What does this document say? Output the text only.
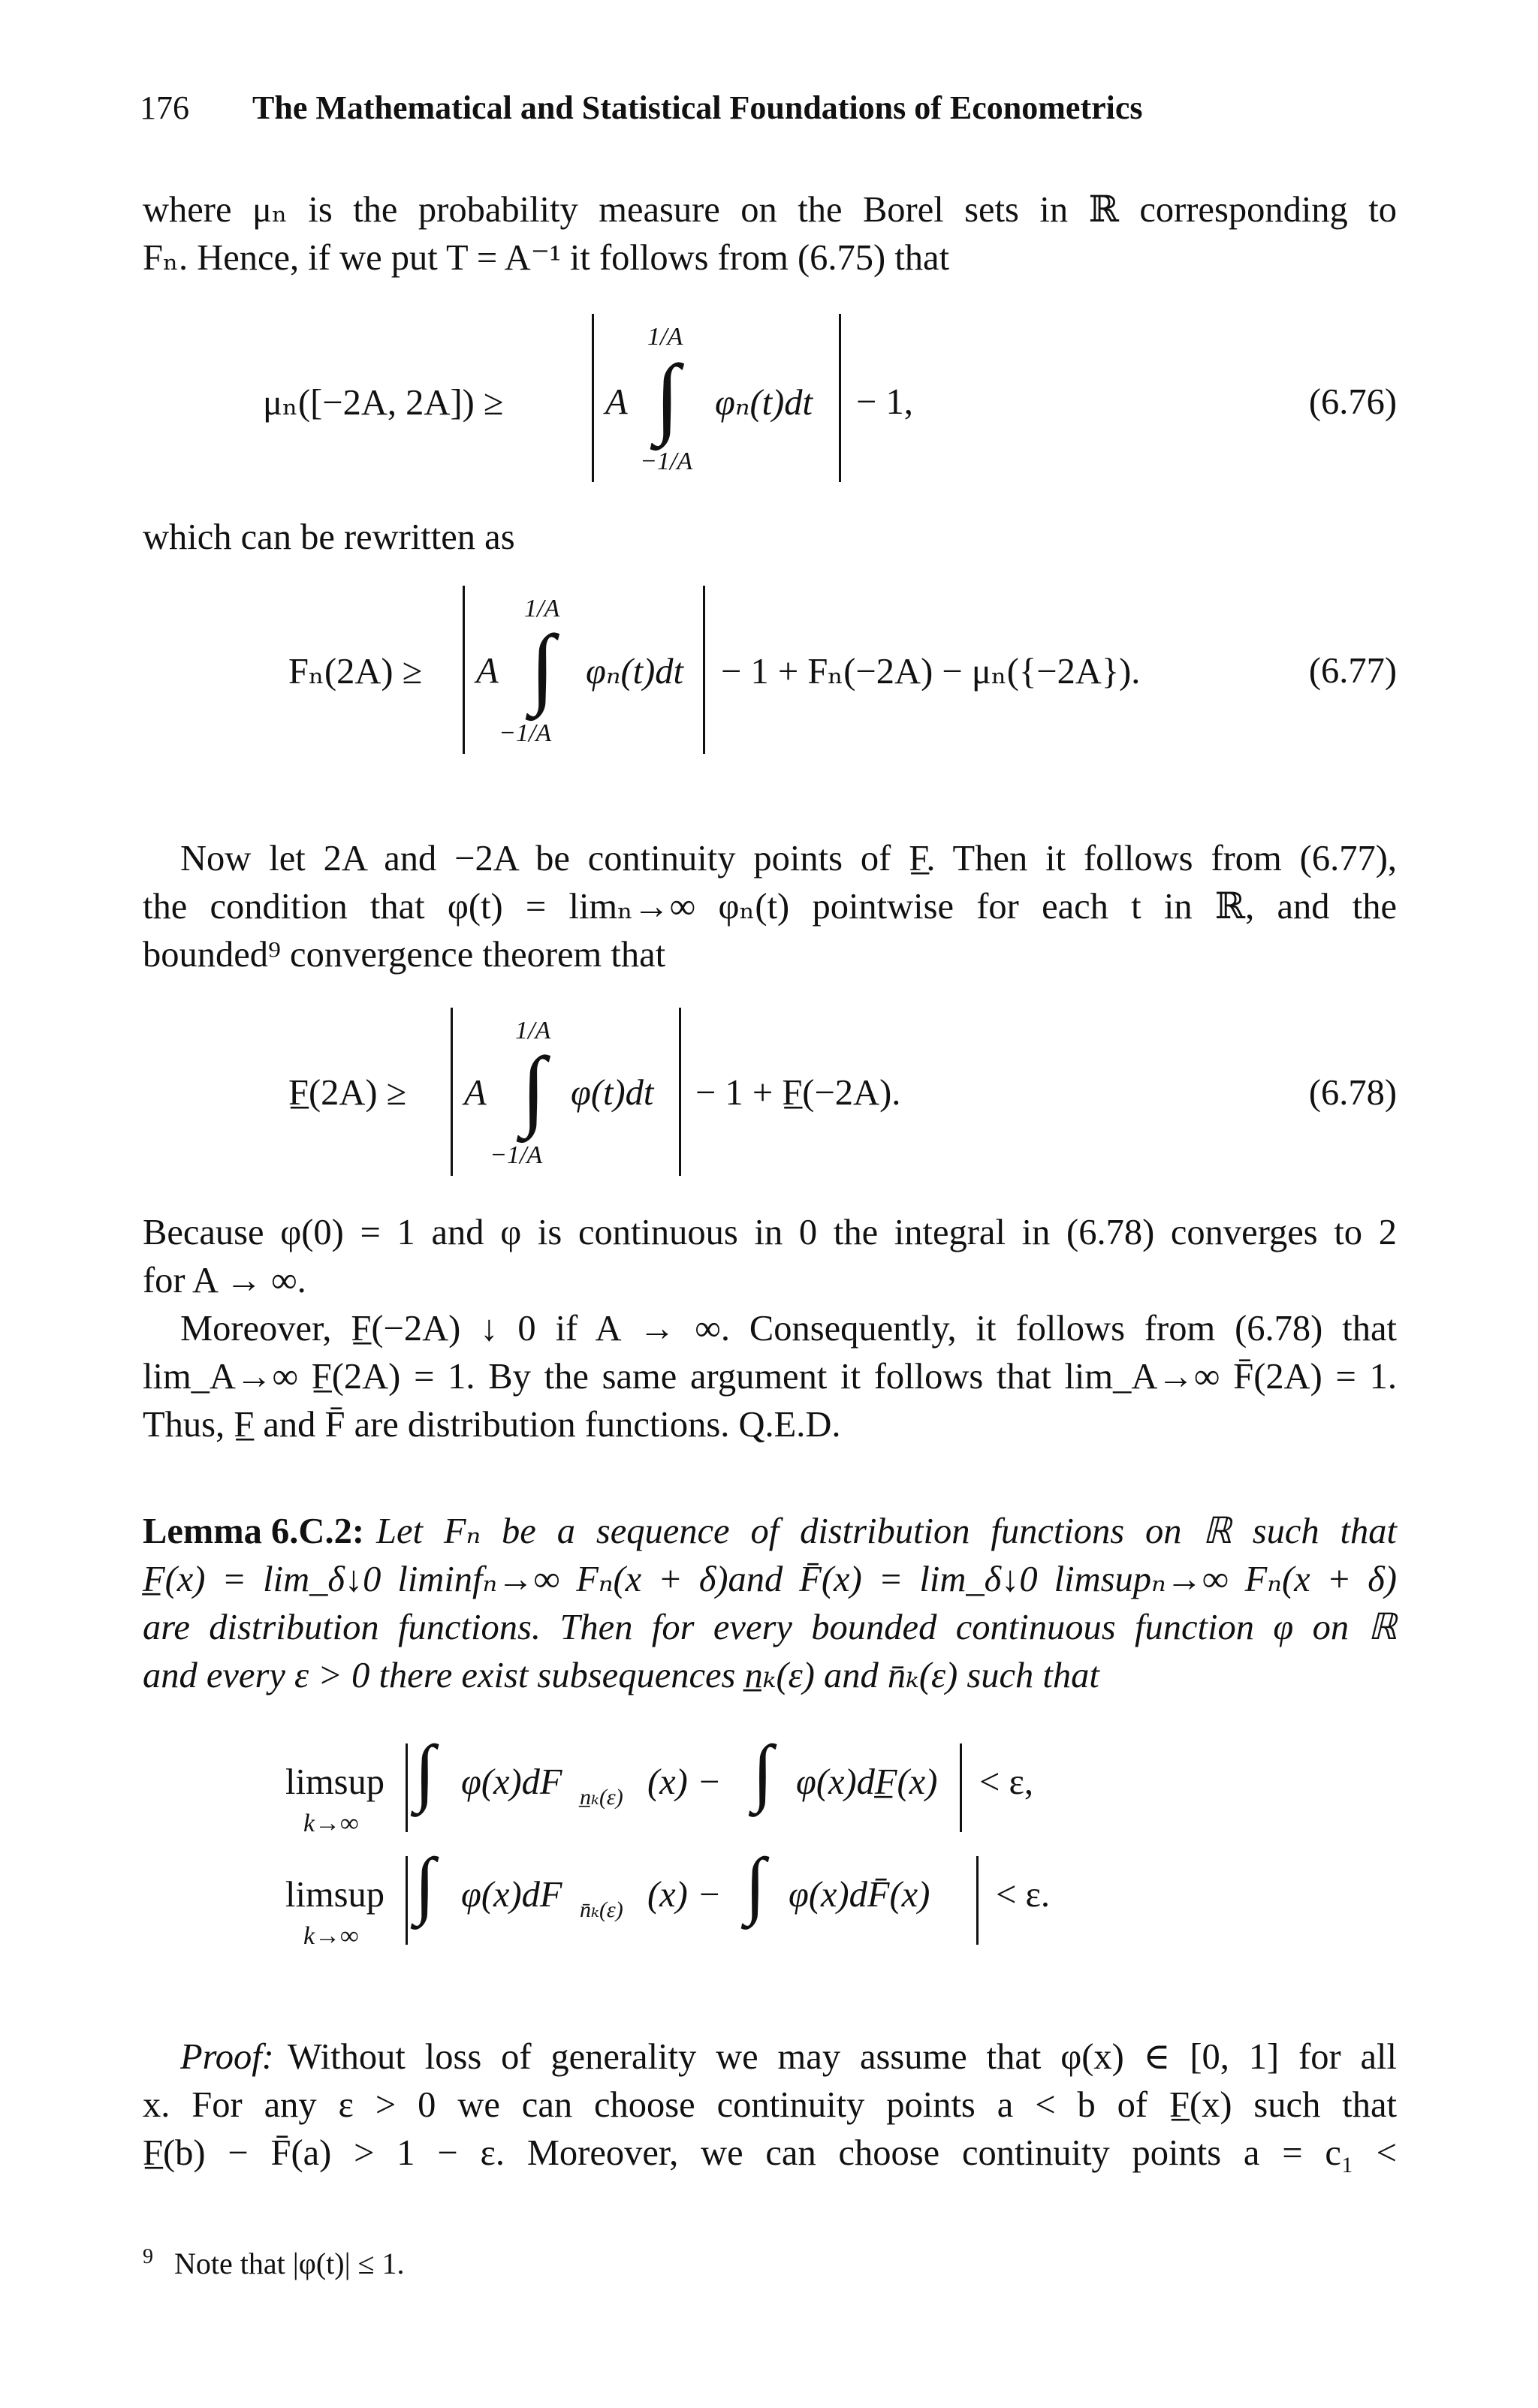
176 The Mathematical and Statistical Foundations of Econometrics
where μₙ is the probability measure on the Borel sets in ℝ corresponding to
Fₙ. Hence, if we put T = A⁻¹ it follows from (6.75) that
μₙ([−2A, 2A]) ≥	A
1/A
∫
−1/A
φₙ(t)dt − 1,	(6.76)
which can be rewritten as
Fₙ(2A) ≥ A
1/A
∫
−1/A
φₙ(t)dt − 1 + Fₙ(−2A) − μₙ({−2A}).	(6.77)
Now let 2A and −2A be continuity points of F̲. Then it follows from (6.77),
the condition that φ(t) = limₙ→∞ φₙ(t) pointwise for each t in ℝ, and the
bounded⁹ convergence theorem that
F̲(2A) ≥ A
1/A
∫
−1/A
φ(t)dt − 1 + F̲(−2A).	(6.78)
Because φ(0) = 1 and φ is continuous in 0 the integral in (6.78) converges to 2
for A → ∞.
Moreover, F̲(−2A) ↓ 0 if A → ∞. Consequently, it follows from (6.78) that
lim_A→∞ F̲(2A) = 1. By the same argument it follows that lim_A→∞ F̄(2A) = 1.
Thus, F̲ and F̄ are distribution functions. Q.E.D.
Lemma 6.C.2: Let Fₙ be a sequence of distribution functions on ℝ such that
F̲(x) = lim_δ↓0 liminfₙ→∞ Fₙ(x + δ)and F̄(x) = lim_δ↓0 limsupₙ→∞ Fₙ(x + δ)
are distribution functions. Then for every bounded continuous function φ on ℝ
and every ε > 0 there exist subsequences n̲ₖ(ε) and n̄ₖ(ε) such that
limsup
k→∞
∫ φ(x)dF n̲ₖ(ε) (x) − ∫ φ(x)dF̲(x) < ε,
limsup
k→∞
∫ φ(x)dF n̄ₖ(ε) (x) − ∫ φ(x)dF̄(x) < ε.
Proof: Without loss of generality we may assume that φ(x) ∈ [0, 1] for all
x. For any ε > 0 we can choose continuity points a < b of F̲(x) such that
F̲(b) − F̄(a) > 1 − ε. Moreover, we can choose continuity points a = c₁ <
$^9$ Note that |φ(t)| ≤ 1.
